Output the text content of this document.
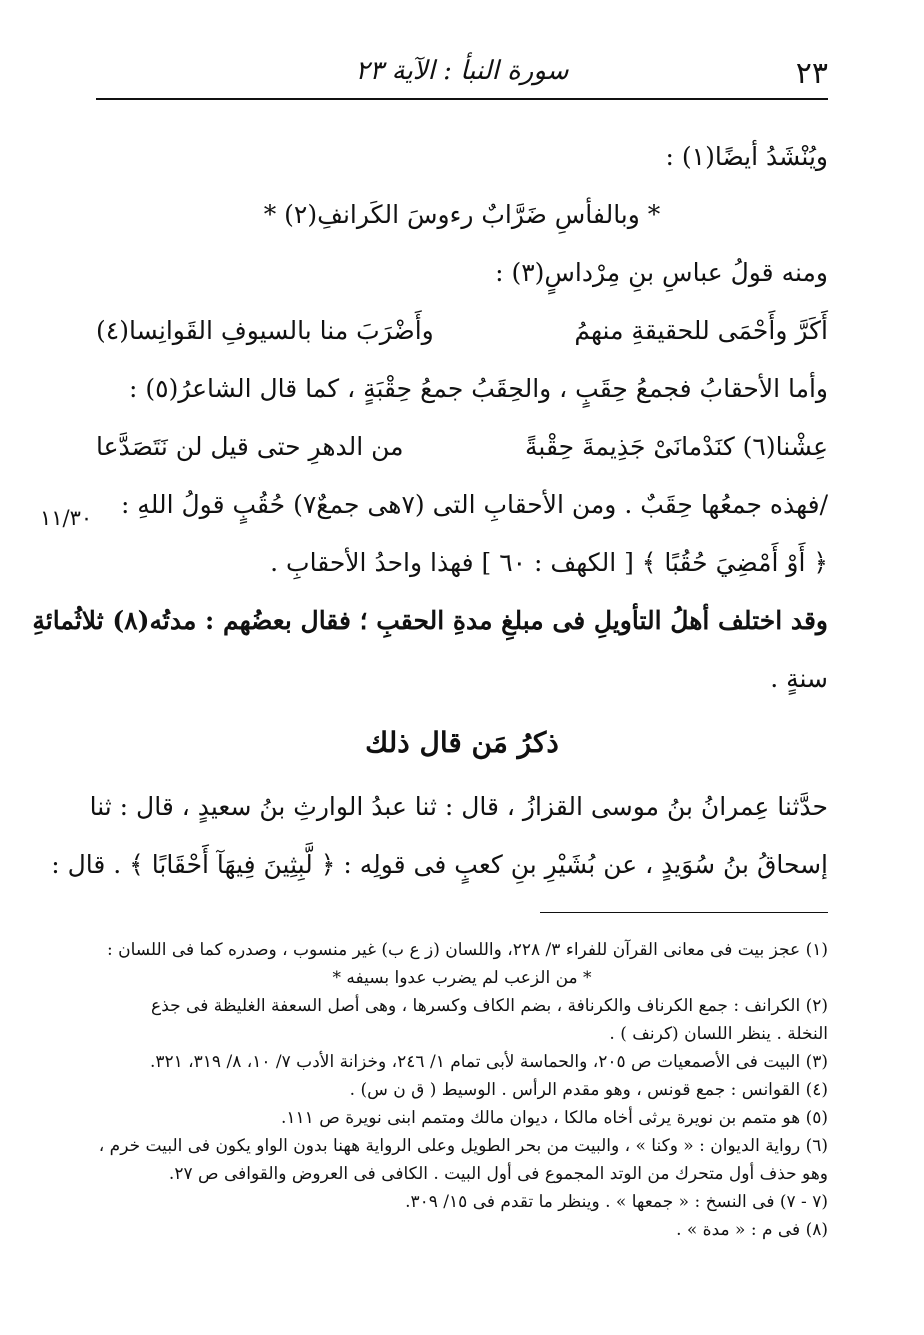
٢٣
سورة النبأ : الآية ٢٣
ويُنْشَدُ أيضًا(١) :
* وبالفأسِ ضَرَّابٌ رءوسَ الكَرانفِ(٢) *
ومنه قولُ عباسِ بنِ مِرْداسٍ(٣) :
أَكَرَّ وأَحْمَى للحقيقةِ منهمُ
وأَضْرَبَ منا بالسيوفِ القَوانِسا(٤)
وأما الأحقابُ فجمعُ حِقَبٍ ، والحِقَبُ جمعُ حِقْبَةٍ ، كما قال الشاعرُ(٥) :
عِشْنا(٦) كنَدْمانَىْ جَذِيمةَ حِقْبةً
من الدهرِ حتى قيل لن نَتَصَدَّعا
/فهذه جمعُها حِقَبٌ . ومن الأحقابِ التى (٧هى جمعٌ٧) حُقُبٍ قولُ اللهِ :
﴿ أَوْ أَمْضِيَ حُقُبًا ﴾ [ الكهف : ٦٠ ] فهذا واحدُ الأحقابِ .
وقد اختلف أهلُ التأويلِ فى مبلغِ مدةِ الحقبِ ؛ فقال بعضُهم : مدتُه(٨) ثلاثُمائةِ
سنةٍ .
ذكرُ مَن قال ذلك
حدَّثنا عِمرانُ بنُ موسى القزازُ ، قال : ثنا عبدُ الوارثِ بنُ سعيدٍ ، قال : ثنا
إسحاقُ بنُ سُوَيدٍ ، عن بُشَيْرِ بنِ كعبٍ فى قولِه : ﴿ لَّبِثِينَ فِيهَآ أَحْقَابًا ﴾ . قال :
١١/٣٠
(١) عجز بيت فى معانى القرآن للفراء ٣/ ٢٢٨، واللسان (ز ع ب) غير منسوب ، وصدره كما فى اللسان :
* من الزعب لم يضرب عدوا بسيفه *
(٢) الكرانف : جمع الكرناف والكرنافة ، بضم الكاف وكسرها ، وهى أصل السعفة الغليظة فى جذع
النخلة . ينظر اللسان (كرنف ) .
(٣) البيت فى الأصمعيات ص ٢٠٥، والحماسة لأبى تمام ١/ ٢٤٦، وخزانة الأدب ٧/ ١٠، ٨/ ٣١٩، ٣٢١.
(٤) القوانس : جمع قونس ، وهو مقدم الرأس . الوسيط ( ق ن س) .
(٥) هو متمم بن نويرة يرثى أخاه مالكا ، ديوان مالك ومتمم ابنى نويرة ص ١١١.
(٦) رواية الديوان : « وكنا » ، والبيت من بحر الطويل وعلى الرواية ههنا بدون الواو يكون فى البيت خرم ،
وهو حذف أول متحرك من الوتد المجموع فى أول البيت . الكافى فى العروض والقوافى ص ٢٧.
(٧ - ٧) فى النسخ : « جمعها » . وينظر ما تقدم فى ١٥/ ٣٠٩.
(٨) فى م : « مدة » .
